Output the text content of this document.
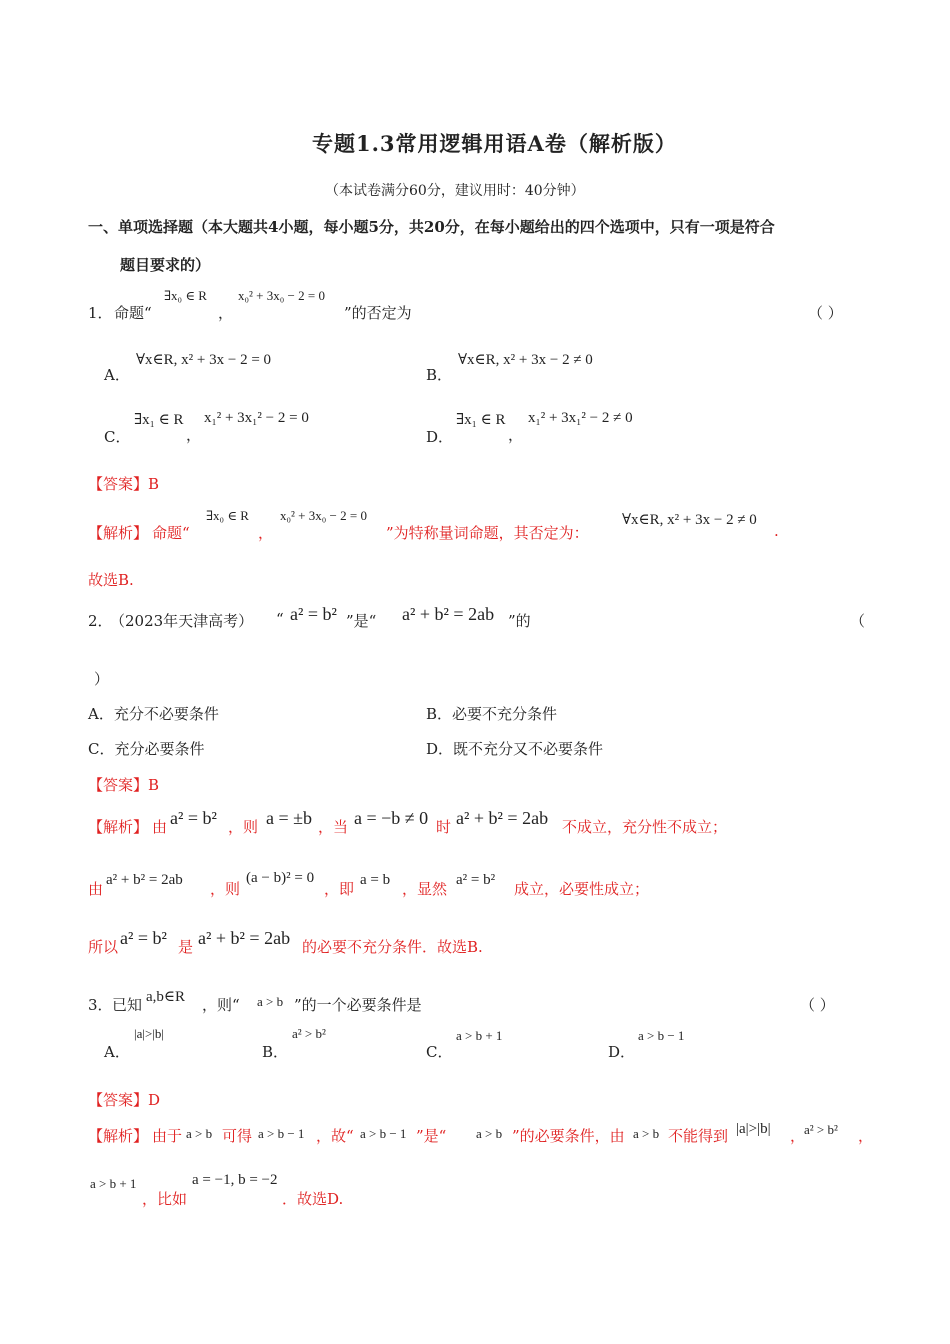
专题1.3常用逻辑用语A卷（解析版）
（本试卷满分60分，建议用时：40分钟）
一、单项选择题（本大题共4小题，每小题5分，共20分，在每小题给出的四个选项中，只有一项是符合
题目要求的）
1． 命题“
∃x₀ ∈ R
，
x₀² + 3x₀ − 2 = 0
”的否定为	（ ）
A．
∀x∈R, x² + 3x − 2 = 0
B．
∀x∈R, x² + 3x − 2 ≠ 0
C．
∃x₁ ∈ R
，
x₁² + 3x₁² − 2 = 0
D．
∃x₁ ∈ R
，
x₁² + 3x₁² − 2 ≠ 0
【答案】B
【解析】 命题“
∃x₀ ∈ R
，
x₀² + 3x₀ − 2 = 0
”为特称量词命题，其否定为：
∀x∈R, x² + 3x − 2 ≠ 0
.
故选B.
2．
（2023年天津高考） “ a² = b² ”是“ a² + b² = 2ab ”的	（
）
A．充分不必要条件	B．必要不充分条件
C．充分必要条件	D．既不充分又不必要条件
【答案】B
【解析】 由 a² = b² ，则 a = ±b ，当 a = −b ≠ 0 时 a² + b² = 2ab 不成立，充分性不成立；
由 a² + b² = 2ab ，则
(a − b)² = 0
，即 a = b ，显然 a² = b² 成立，必要性成立；
所以 a² = b² 是 a² + b² = 2ab 的必要不充分条件．故选B.
3． 已知 a,b∈R ，则“ a > b ”的一个必要条件是	（ ）
A．
|a|>|b|
B．
a² > b²
C．
a > b + 1
D．
a > b − 1
【答案】D
【解析】 由于 a > b 可得 a > b − 1 ，故“ a > b − 1 ”是“ a > b ”的必要条件，由 a > b 不能得到 |a|>|b| ，
a² > b² ，
a > b + 1
，比如
a = −1, b = −2
．故选D.
